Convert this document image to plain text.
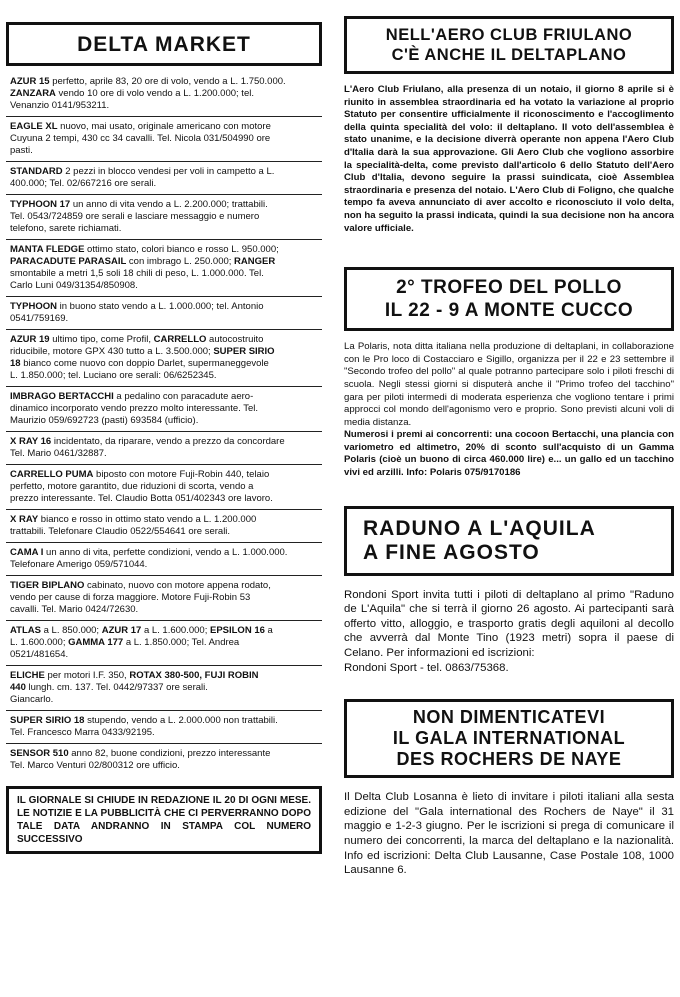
DELTA MARKET
AZUR 15 perfetto, aprile 83, 20 ore di volo, vendo a L. 1.750.000.
ZANZARA vendo 10 ore di volo vendo a L. 1.200.000; tel.
Venanzio 0141/953211.
EAGLE XL nuovo, mai usato, originale americano con motore
Cuyuna 2 tempi, 430 cc 34 cavalli. Tel. Nicola 031/504990 ore
pasti.
STANDARD 2 pezzi in blocco vendesi per voli in campetto a L.
400.000; Tel. 02/667216 ore serali.
TYPHOON 17 un anno di vita vendo a L. 2.200.000; trattabili.
Tel. 0543/724859 ore serali e lasciare messaggio e numero
telefono, sarete richiamati.
MANTA FLEDGE ottimo stato, colori bianco e rosso L. 950.000;
PARACADUTE PARASAIL con imbrago L. 250.000; RANGER
smontabile a metri 1,5 soli 18 chili di peso, L. 1.000.000. Tel.
Carlo Luni 049/31354/850908.
TYPHOON in buono stato vendo a L. 1.000.000; tel. Antonio
0541/759169.
AZUR 19 ultimo tipo, come Profil, CARRELLO autocostruito
riducibile, motore GPX 430 tutto a L. 3.500.000; SUPER SIRIO
18 bianco come nuovo con doppio Darlet, supermaneggevole
L. 1.850.000; tel. Luciano ore serali: 06/6252345.
IMBRAGO BERTACCHI a pedalino con paracadute aero-
dinamico incorporato vendo prezzo molto interessante. Tel.
Maurizio 059/692723 (pasti) 693584 (ufficio).
X RAY 16 incidentato, da riparare, vendo a prezzo da concordare
Tel. Mario 0461/32887.
CARRELLO PUMA biposto con motore Fuji-Robin 440, telaio
perfetto, motore garantito, due riduzioni di scorta, vendo a
prezzo interessante. Tel. Claudio Botta 051/402343 ore lavoro.
X RAY bianco e rosso in ottimo stato vendo a L. 1.200.000
trattabili. Telefonare Claudio 0522/554641 ore serali.
CAMA I un anno di vita, perfette condizioni, vendo a L. 1.000.000.
Telefonare Amerigo 059/571044.
TIGER BIPLANO cabinato, nuovo con motore appena rodato,
vendo per cause di forza maggiore. Motore Fuji-Robin 53
cavalli. Tel. Mario 0424/72630.
ATLAS a L. 850.000; AZUR 17 a L. 1.600.000; EPSILON 16 a
L. 1.600.000; GAMMA 177 a L. 1.850.000; Tel. Andrea
0521/481654.
ELICHE per motori I.F. 350, ROTAX 380-500, FUJI ROBIN
440 lungh. cm. 137. Tel. 0442/97337 ore serali.
Giancarlo.
SUPER SIRIO 18 stupendo, vendo a L. 2.000.000 non trattabili.
Tel. Francesco Marra 0433/92195.
SENSOR 510 anno 82, buone condizioni, prezzo interessante
Tel. Marco Venturi 02/800312 ore ufficio.
IL GIORNALE SI CHIUDE IN REDAZIONE IL 20 DI OGNI MESE. LE NOTIZIE E LA PUBBLICITÀ CHE CI PERVERRANNO DOPO TALE DATA ANDRANNO IN STAMPA COL NUMERO SUCCESSIVO
NELL'AERO CLUB FRIULANO
C'È ANCHE IL DELTAPLANO

L'Aero Club Friulano, alla presenza di un notaio, il giorno 8 aprile si è riunito in assemblea straordinaria ed ha votato la variazione al proprio Statuto per consentire ufficialmente il riconoscimento e l'accoglimento della quinta specialità del volo: il deltaplano. Il voto dell'assemblea è stato unanime, e la decisione diverrà operante non appena l'Aero Club d'Italia darà la sua approvazione. Gli Aero Club che vogliono assorbire la specialità-delta, come previsto dall'articolo 6 dello Statuto dell'Aero Club d'Italia, devono seguire la prassi suindicata, cioè Assemblea straordinaria e presenza del notaio. L'Aero Club di Foligno, che qualche tempo fa aveva annunciato di aver accolto e riconosciuto il volo delta, non ha seguito la prassi indicata, quindi la sua decisione non ha ancora valore ufficiale.

2° TROFEO DEL POLLO
IL 22 - 9 A MONTE CUCCO

La Polaris, nota ditta italiana nella produzione di deltaplani, in collaborazione con le Pro loco di Costacciaro e Sigillo, organizza per il 22 e 23 settembre il "Secondo trofeo del pollo" al quale potranno partecipare solo i piloti freschi di scuola. Negli stessi giorni si disputerà anche il "Primo trofeo del tacchino" gara per piloti intermedi di moderata esperienza che vogliono tentare i primi approcci col mondo dell'agonismo vero e proprio. Sono previsti alcuni voli di media distanza.

Numerosi i premi ai concorrenti: una cocoon Bertacchi, una plancia con variometro ed altimetro, 20% di sconto sull'acquisto di un Gamma Polaris (cioè un buono di circa 460.000 lire) e... un gallo ed un tacchino vivi ed arzilli. Info: Polaris 075/9170186

RADUNO A L'AQUILA
A FINE AGOSTO
Rondoni Sport invita tutti i piloti di deltaplano al primo "Raduno de L'Aquila" che si terrà il giorno 26 agosto. Ai partecipanti sarà offerto vitto, alloggio, e trasporto gratis degli aquiloni al decollo che avverrà dal Monte Tino (1923 metri) sopra il paese di Celano. Per informazioni ed iscrizioni:
Rondoni Sport - tel. 0863/75368.
NON DIMENTICATEVI
IL GALA INTERNATIONAL
DES ROCHERS DE NAYE
Il Delta Club Losanna è lieto di invitare i piloti italiani alla sesta edizione del "Gala international des Rochers de Naye" il 31 maggio e 1-2-3 giugno. Per le iscrizioni si prega di comunicare il numero dei concorrenti, la marca del deltaplano e la nazionalità. Info ed iscrizioni: Delta Club Lausanne, Case Postale 108, 1000 Lausanne 6.
